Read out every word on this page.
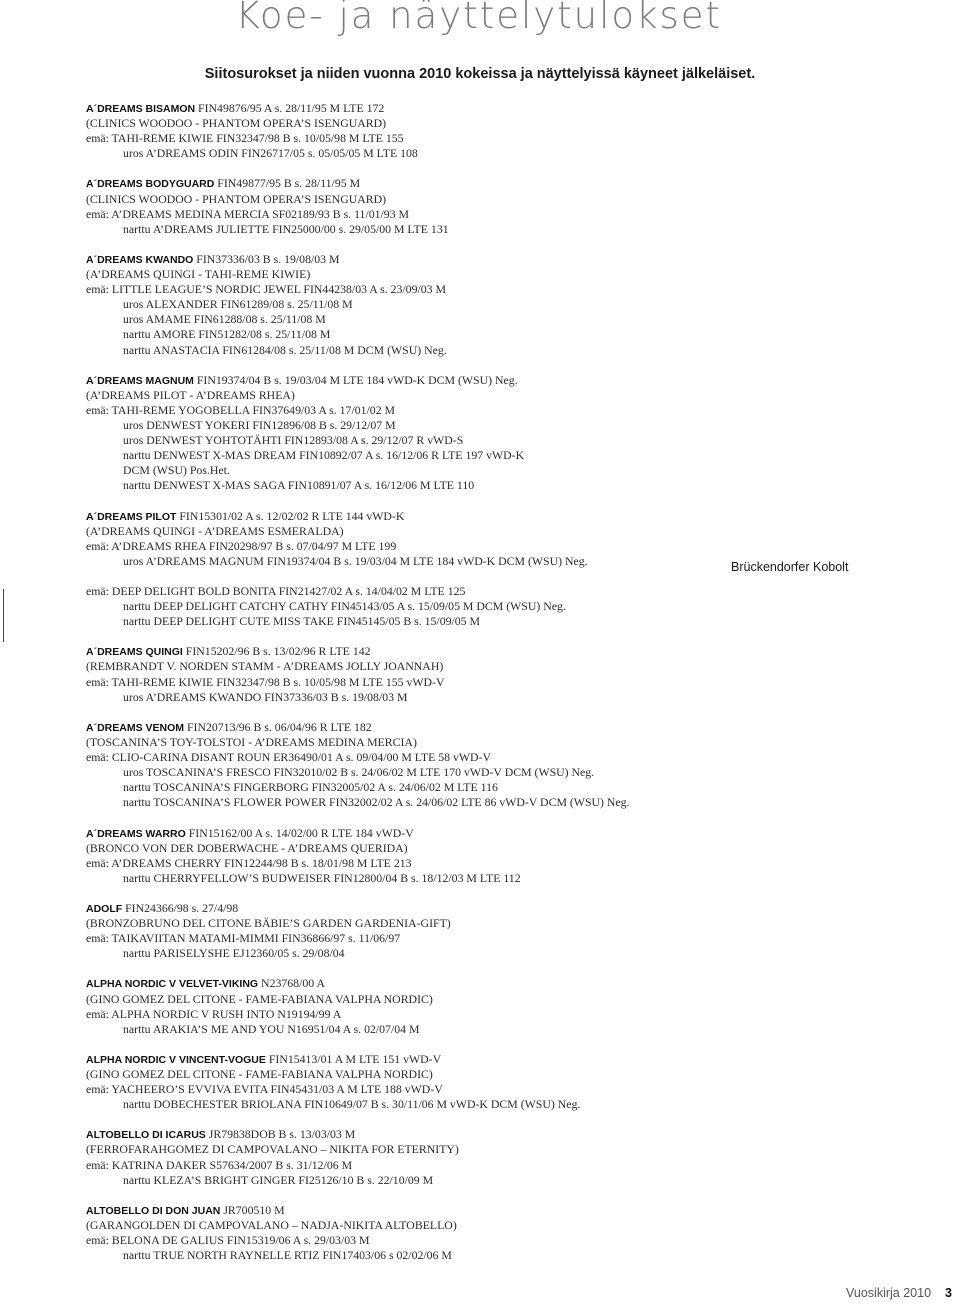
Koe- ja näyttelytulokset
Siitosurokset ja niiden vuonna 2010 kokeissa ja näyttelyissä käyneet jälkeläiset.
A´DREAMS BISAMON FIN49876/95 A s. 28/11/95 M LTE 172
(CLINICS WOODOO - PHANTOM OPERA’S ISENGUARD)
emä: TAHI-REME KIWIE FIN32347/98 B s. 10/05/98 M LTE 155
uros A’DREAMS ODIN FIN26717/05 s. 05/05/05 M LTE 108
A´DREAMS BODYGUARD FIN49877/95 B s. 28/11/95 M
(CLINICS WOODOO - PHANTOM OPERA’S ISENGUARD)
emä: A’DREAMS MEDINA MERCIA SF02189/93 B s. 11/01/93 M
narttu A’DREAMS JULIETTE FIN25000/00 s. 29/05/00 M LTE 131
A´DREAMS KWANDO FIN37336/03 B s. 19/08/03 M
(A’DREAMS QUINGI - TAHI-REME KIWIE)
emä: LITTLE LEAGUE’S NORDIC JEWEL FIN44238/03 A s. 23/09/03 M
uros ALEXANDER FIN61289/08 s. 25/11/08 M
uros AMAME FIN61288/08 s. 25/11/08 M
narttu AMORE FIN51282/08 s. 25/11/08 M
narttu ANASTACIA FIN61284/08 s. 25/11/08 M DCM (WSU) Neg.
A´DREAMS MAGNUM FIN19374/04 B s. 19/03/04 M LTE 184 vWD-K DCM (WSU) Neg.
(A’DREAMS PILOT - A’DREAMS RHEA)
emä: TAHI-REME YOGOBELLA FIN37649/03 A s. 17/01/02 M
uros DENWEST YOKERI FIN12896/08 B s. 29/12/07 M
uros DENWEST YOHTOTÄHTI FIN12893/08 A s. 29/12/07 R vWD-S
narttu DENWEST X-MAS DREAM FIN10892/07 A s. 16/12/06 R LTE 197 vWD-K
DCM (WSU) Pos.Het.
narttu DENWEST X-MAS SAGA FIN10891/07 A s. 16/12/06 M LTE 110
A´DREAMS PILOT FIN15301/02 A s. 12/02/02 R LTE 144 vWD-K
(A’DREAMS QUINGI - A’DREAMS ESMERALDA)
emä: A’DREAMS RHEA FIN20298/97 B s. 07/04/97 M LTE 199
uros A’DREAMS MAGNUM FIN19374/04 B s. 19/03/04 M LTE 184 vWD-K DCM (WSU) Neg.
emä: DEEP DELIGHT BOLD BONITA FIN21427/02 A s. 14/04/02 M LTE 125
narttu DEEP DELIGHT CATCHY CATHY FIN45143/05 A s. 15/09/05 M DCM (WSU) Neg.
narttu DEEP DELIGHT CUTE MISS TAKE FIN45145/05 B s. 15/09/05 M
A´DREAMS QUINGI FIN15202/96 B s. 13/02/96 R LTE 142
(REMBRANDT V. NORDEN STAMM - A’DREAMS JOLLY JOANNAH)
emä: TAHI-REME KIWIE FIN32347/98 B s. 10/05/98 M LTE 155 vWD-V
uros A’DREAMS KWANDO FIN37336/03 B s. 19/08/03 M
A´DREAMS VENOM FIN20713/96 B s. 06/04/96 R LTE 182
(TOSCANINA’S TOY-TOLSTOI - A’DREAMS MEDINA MERCIA)
emä: CLIO-CARINA DISANT ROUN ER36490/01 A s. 09/04/00 M LTE 58 vWD-V
uros TOSCANINA’S FRESCO FIN32010/02 B s. 24/06/02 M LTE 170 vWD-V DCM (WSU) Neg.
narttu TOSCANINA’S FINGERBORG FIN32005/02 A s. 24/06/02 M LTE 116
narttu TOSCANINA’S FLOWER POWER FIN32002/02 A s. 24/06/02 LTE 86 vWD-V DCM (WSU) Neg.
A´DREAMS WARRO FIN15162/00 A s. 14/02/00 R LTE 184 vWD-V
(BRONCO VON DER DOBERWACHE - A’DREAMS QUERIDA)
emä: A’DREAMS CHERRY FIN12244/98 B s. 18/01/98 M LTE 213
narttu CHERRYFELLOW’S BUDWEISER FIN12800/04 B s. 18/12/03 M LTE 112
ADOLF FIN24366/98 s. 27/4/98
(BRONZOBRUNO DEL CITONE BÄBIE’S GARDEN GARDENIA-GIFT)
emä: TAIKAVIITAN MATAMI-MIMMI FIN36866/97 s. 11/06/97
narttu PARISELYSHE EJ12360/05 s. 29/08/04
ALPHA NORDIC V VELVET-VIKING N23768/00 A
(GINO GOMEZ DEL CITONE - FAME-FABIANA VALPHA NORDIC)
emä: ALPHA NORDIC V RUSH INTO N19194/99 A
narttu ARAKIA’S ME AND YOU N16951/04 A s. 02/07/04 M
ALPHA NORDIC V VINCENT-VOGUE FIN15413/01 A M LTE 151 vWD-V
(GINO GOMEZ DEL CITONE - FAME-FABIANA VALPHA NORDIC)
emä: YACHEERO’S EVVIVA EVITA FIN45431/03 A M LTE 188 vWD-V
narttu DOBECHESTER BRIOLANA FIN10649/07 B s. 30/11/06 M vWD-K DCM (WSU) Neg.
ALTOBELLO DI ICARUS JR79838DOB B s. 13/03/03 M
(FERROFARAHGOMEZ DI CAMPOVALANO – NIKITA FOR ETERNITY)
emä: KATRINA DAKER S57634/2007 B s. 31/12/06 M
narttu KLEZA’S BRIGHT GINGER FI25126/10 B s. 22/10/09 M
ALTOBELLO DI DON JUAN JR700510 M
(GARANGOLDEN DI CAMPOVALANO – NADJA-NIKITA ALTOBELLO)
emä: BELONA DE GALIUS FIN15319/06 A s. 29/03/03 M
narttu TRUE NORTH RAYNELLE RTIZ FIN17403/06 s 02/02/06 M
Brückendorfer Kobolt
Vuosikirja 2010 3
